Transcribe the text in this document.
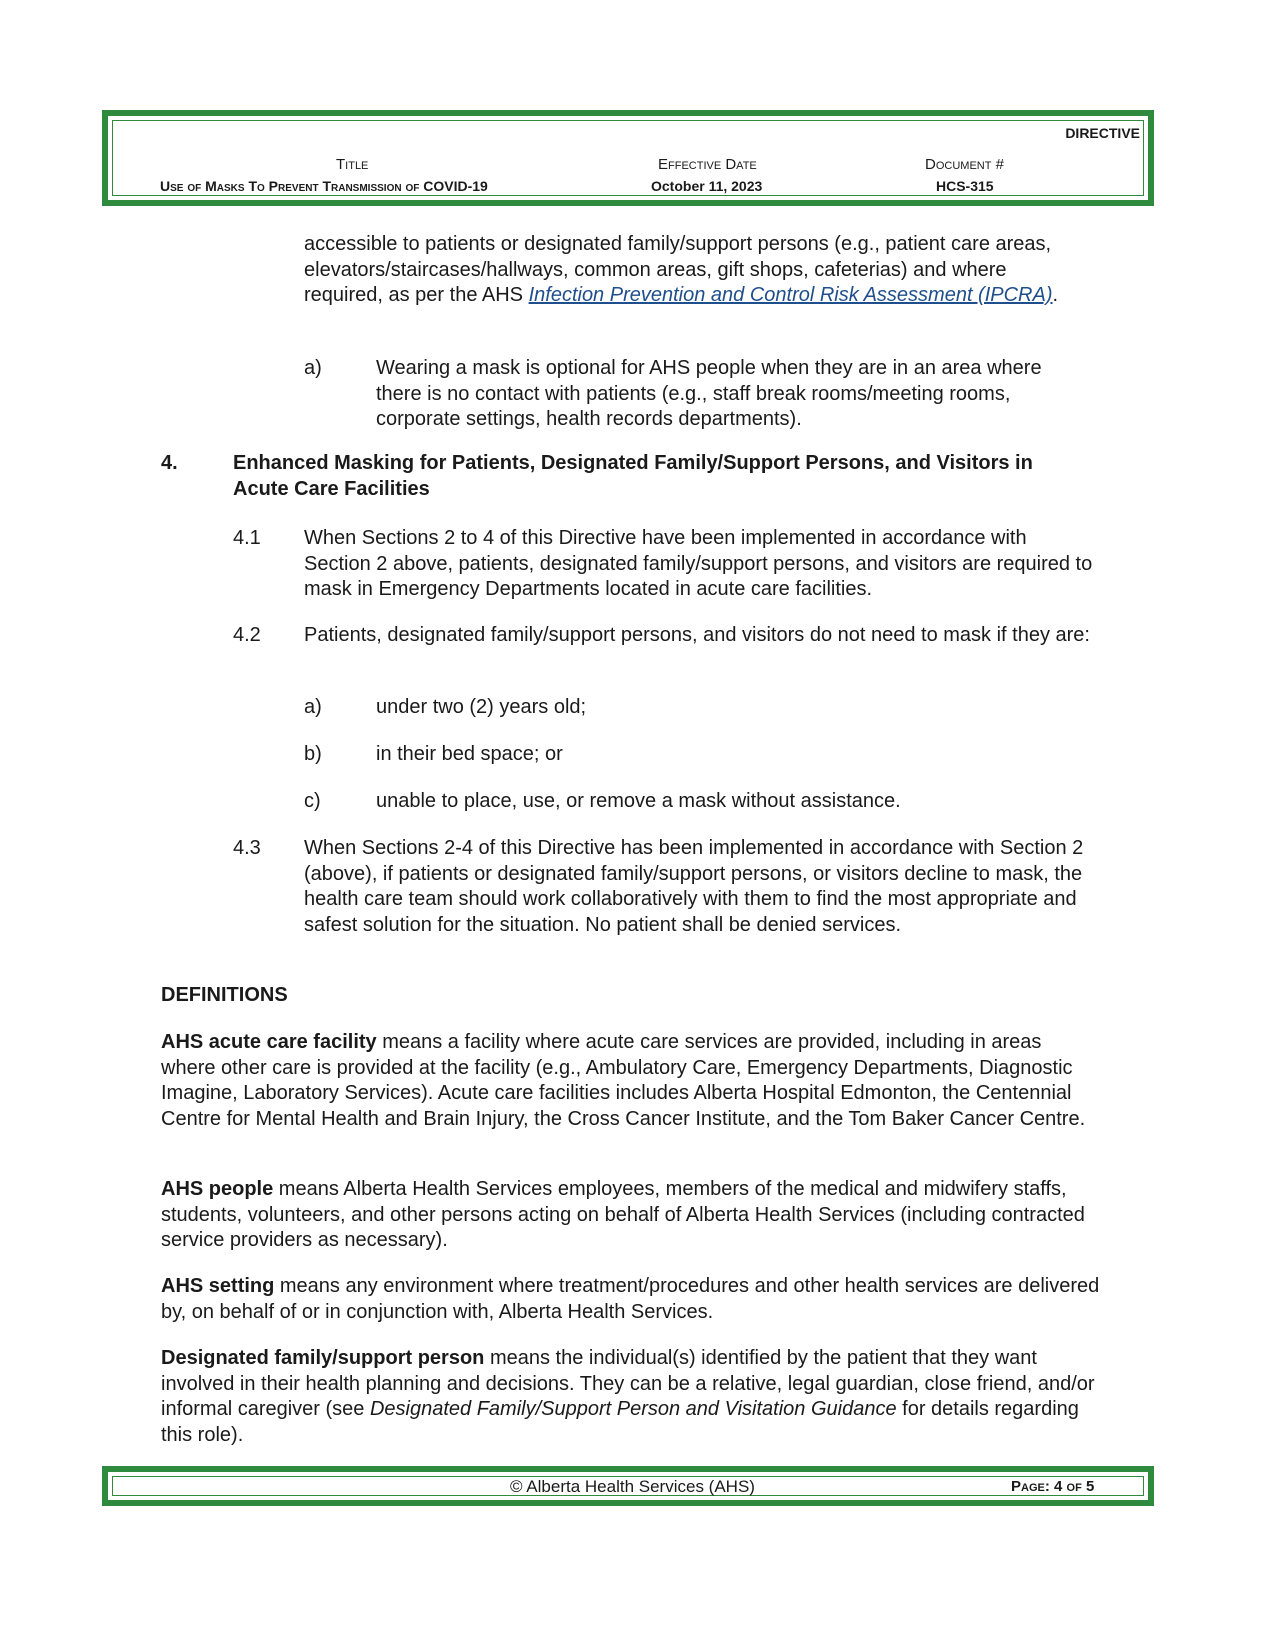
DIRECTIVE
Title
Use of Masks To Prevent Transmission of COVID-19
Effective Date
October 11, 2023
Document #
HCS-315

accessible to patients or designated family/support persons (e.g., patient care areas, elevators/staircases/hallways, common areas, gift shops, cafeterias) and where required, as per the AHS Infection Prevention and Control Risk Assessment (IPCRA).

a)	Wearing a mask is optional for AHS people when they are in an area where there is no contact with patients (e.g., staff break rooms/meeting rooms, corporate settings, health records departments).

4.	Enhanced Masking for Patients, Designated Family/Support Persons, and Visitors in Acute Care Facilities

4.1 When Sections 2 to 4 of this Directive have been implemented in accordance with Section 2 above, patients, designated family/support persons, and visitors are required to mask in Emergency Departments located in acute care facilities.

4.2 Patients, designated family/support persons, and visitors do not need to mask if they are:

a)	under two (2) years old;

b)	in their bed space; or

c)	unable to place, use, or remove a mask without assistance.

4.3 When Sections 2-4 of this Directive has been implemented in accordance with Section 2 (above), if patients or designated family/support persons, or visitors decline to mask, the health care team should work collaboratively with them to find the most appropriate and safest solution for the situation. No patient shall be denied services.

DEFINITIONS

AHS acute care facility means a facility where acute care services are provided, including in areas where other care is provided at the facility (e.g., Ambulatory Care, Emergency Departments, Diagnostic Imagine, Laboratory Services). Acute care facilities includes Alberta Hospital Edmonton, the Centennial Centre for Mental Health and Brain Injury, the Cross Cancer Institute, and the Tom Baker Cancer Centre.

AHS people means Alberta Health Services employees, members of the medical and midwifery staffs, students, volunteers, and other persons acting on behalf of Alberta Health Services (including contracted service providers as necessary).

AHS setting means any environment where treatment/procedures and other health services are delivered by, on behalf of or in conjunction with, Alberta Health Services.

Designated family/support person means the individual(s) identified by the patient that they want involved in their health planning and decisions. They can be a relative, legal guardian, close friend, and/or informal caregiver (see Designated Family/Support Person and Visitation Guidance for details regarding this role).

© Alberta Health Services (AHS)	Page: 4 of 5
